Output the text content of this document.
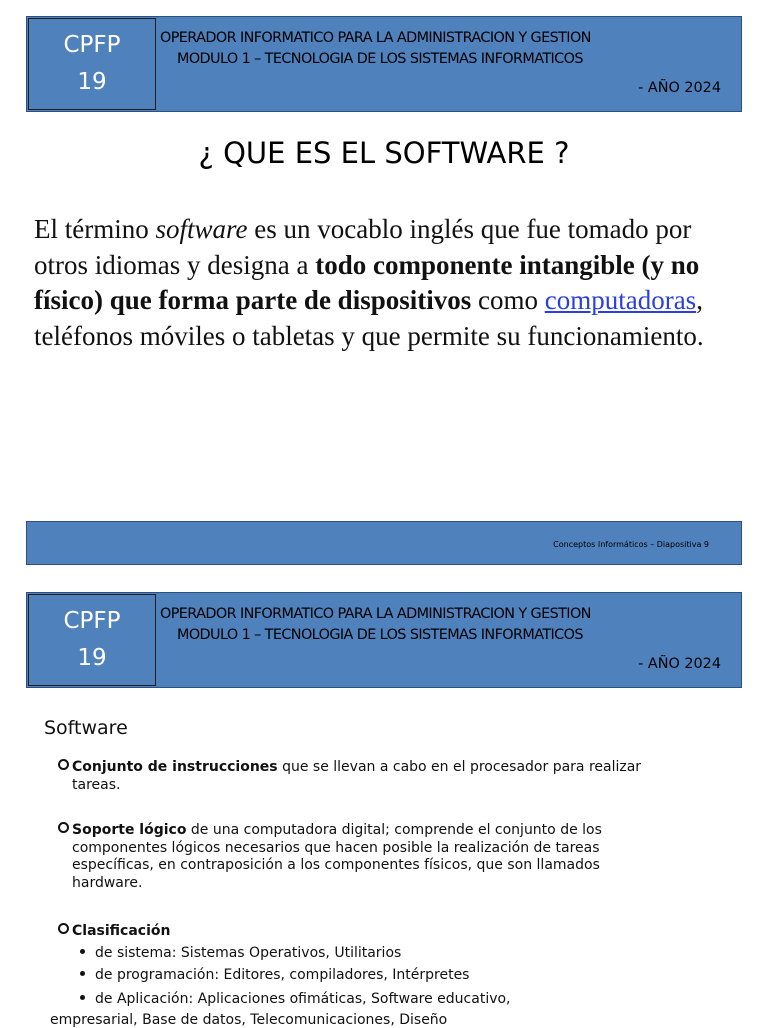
CPFP
19
OPERADOR INFORMATICO PARA LA ADMINISTRACION Y GESTION
MODULO 1 – TECNOLOGIA DE LOS SISTEMAS INFORMATICOS
- AÑO 2024
¿ QUE ES EL SOFTWARE ?
El término software es un vocablo inglés que fue tomado por otros idiomas y designa a todo componente intangible (y no físico) que forma parte de dispositivos como computadoras, teléfonos móviles o tabletas y que permite su funcionamiento.
Conceptos Informáticos – Diapositiva 9
CPFP
19
OPERADOR INFORMATICO PARA LA ADMINISTRACION Y GESTION
MODULO 1 – TECNOLOGIA DE LOS SISTEMAS INFORMATICOS
- AÑO 2024
Software
Conjunto de instrucciones que se llevan a cabo en el procesador para realizar
tareas.
Soporte lógico de una computadora digital; comprende el conjunto de los
componentes lógicos necesarios que hacen posible la realización de tareas
específicas, en contraposición a los componentes físicos, que son llamados
hardware.
Clasificación
de sistema: Sistemas Operativos, Utilitarios
de programación: Editores, compiladores, Intérpretes
de Aplicación: Aplicaciones ofimáticas, Software educativo,
empresarial, Base de datos, Telecomunicaciones, Diseño
